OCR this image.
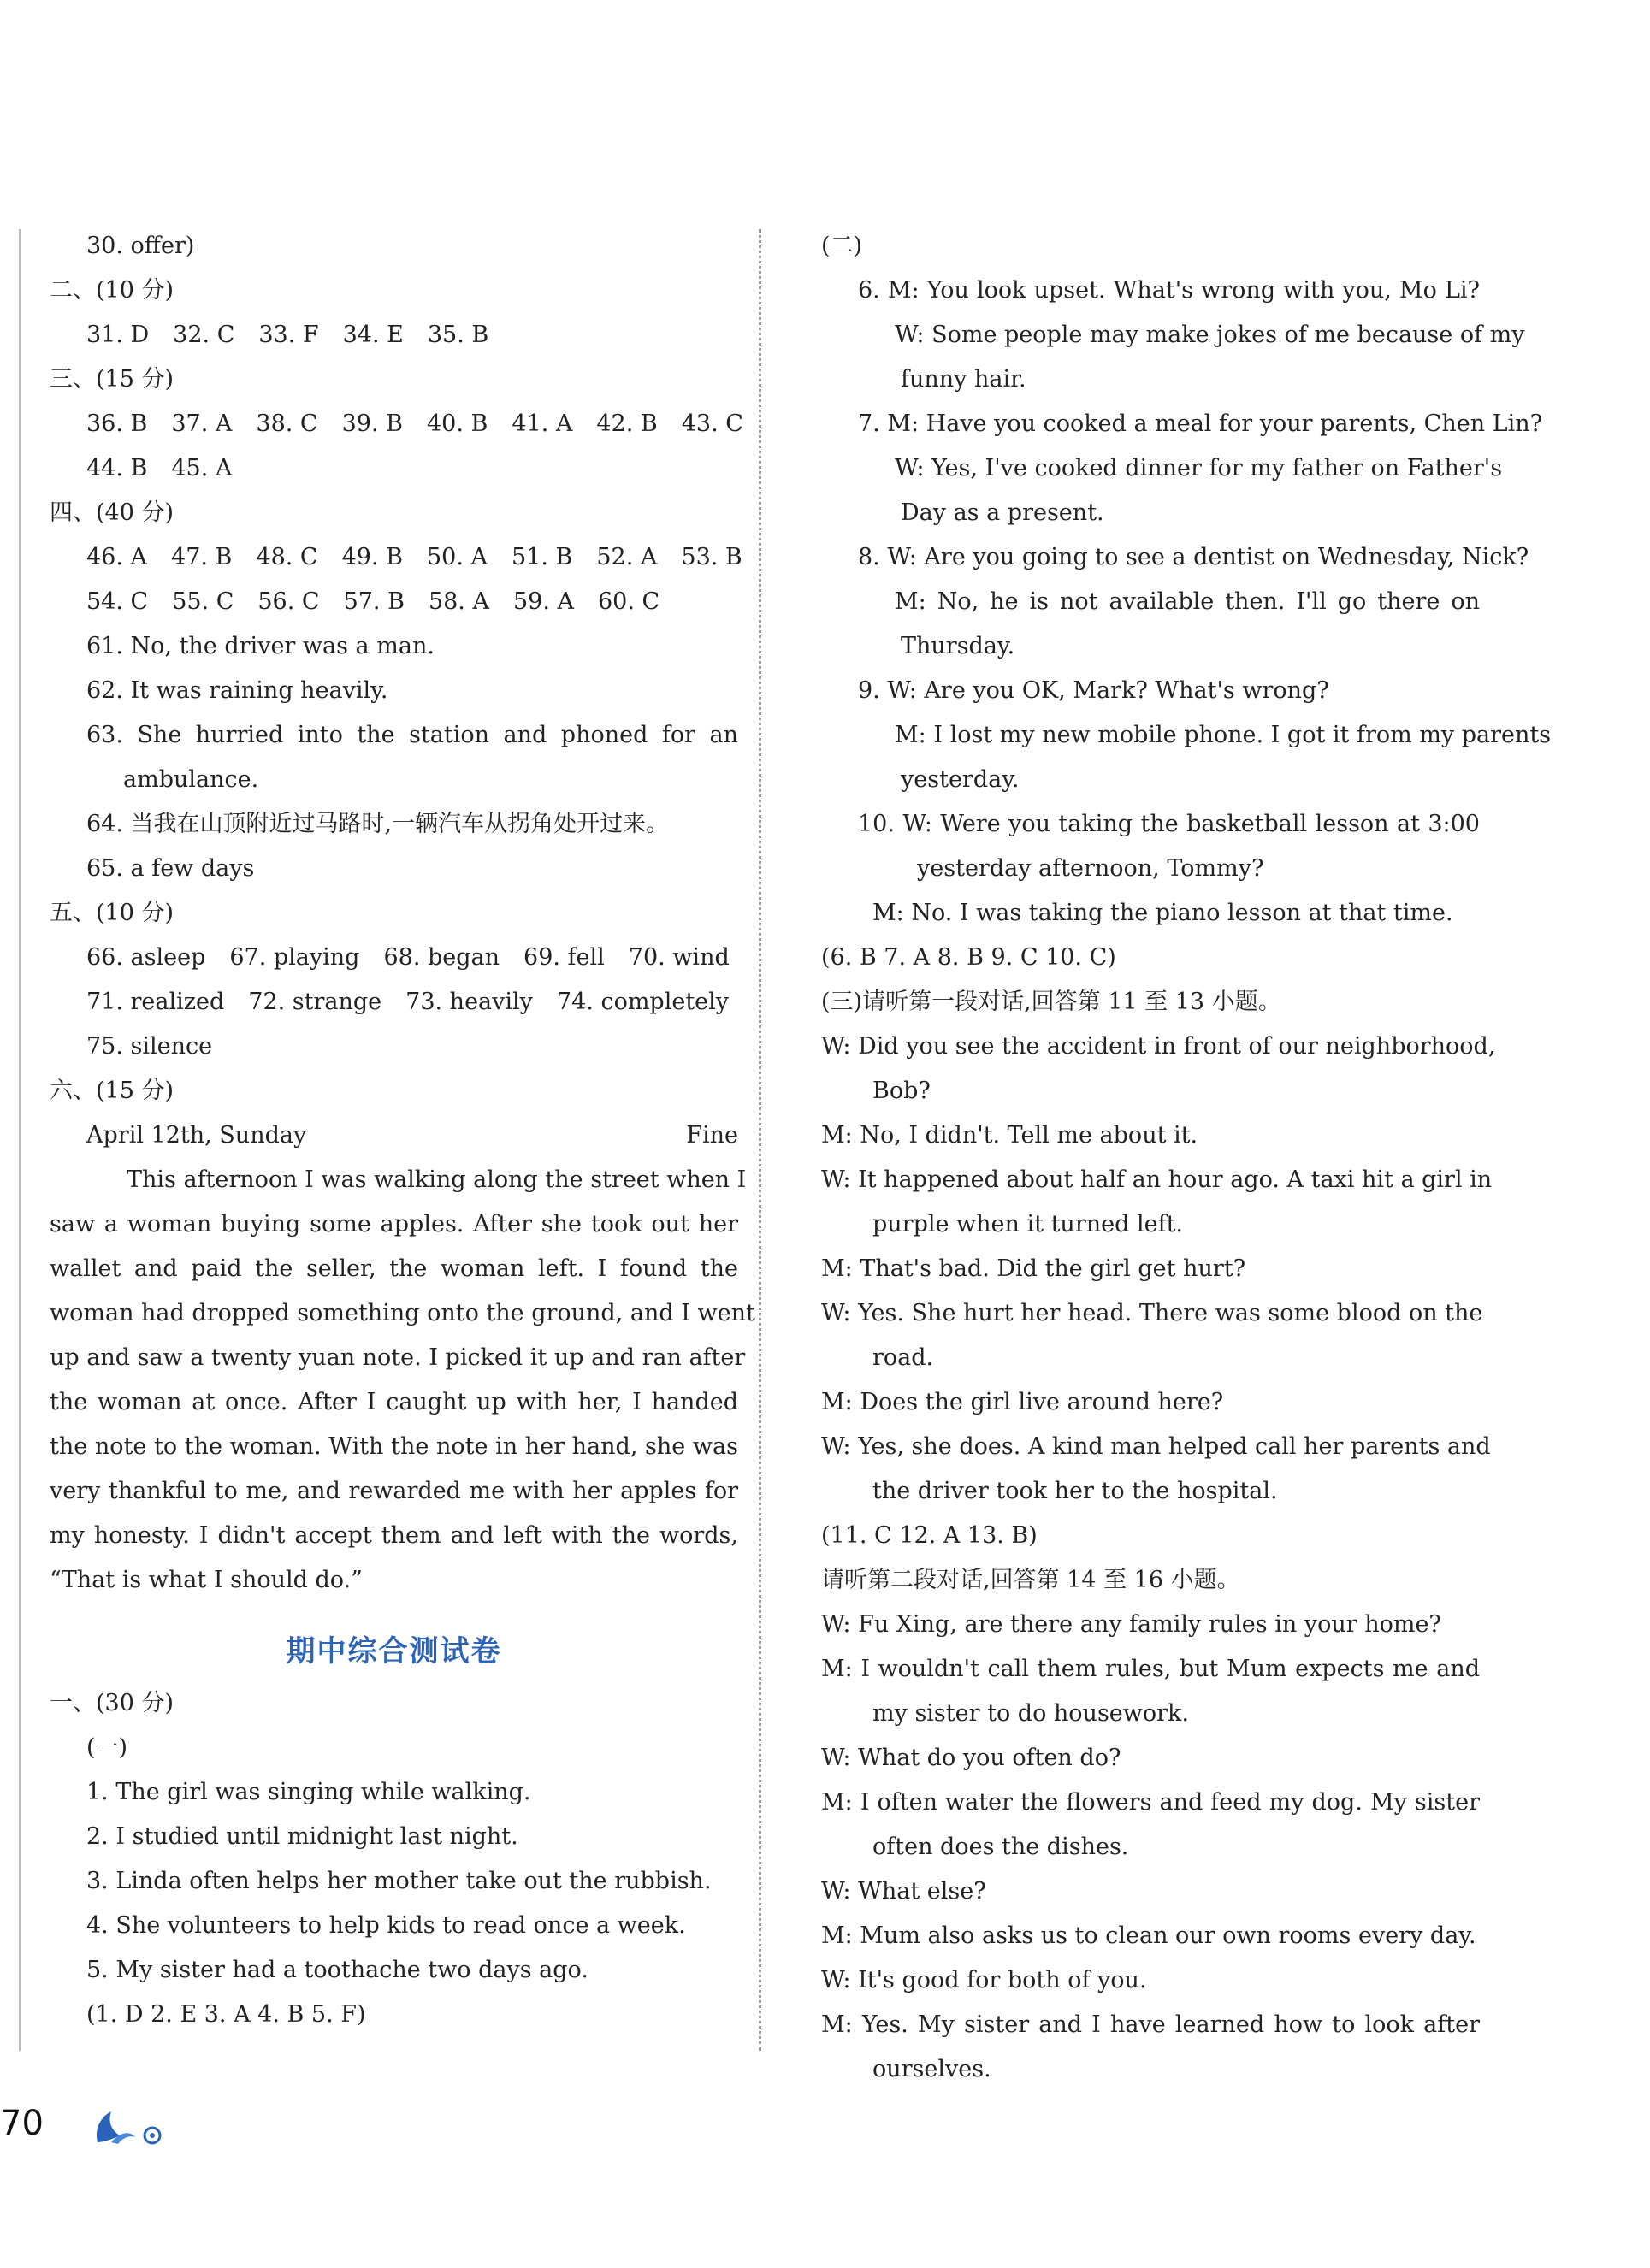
30. offer)
二、(10 分)
31. D 32. C 33. F 34. E 35. B
三、(15 分)
36. B 37. A 38. C 39. B 40. B 41. A 42. B 43. C
44. B 45. A
四、(40 分)
46. A 47. B 48. C 49. B 50. A 51. B 52. A 53. B
54. C 55. C 56. C 57. B 58. A 59. A 60. C
61. No, the driver was a man.
62. It was raining heavily.
63. She hurried into the station and phoned for an
ambulance.
64. 当我在山顶附近过马路时,一辆汽车从拐角处开过来。
65. a few days
五、(10 分)
66. asleep 67. playing 68. began 69. fell 70. wind
71. realized 72. strange 73. heavily 74. completely
75. silence
六、(15 分)
April 12th, Sunday	Fine
This afternoon I was walking along the street when I
saw a woman buying some apples. After she took out her
wallet and paid the seller, the woman left. I found the
woman had dropped something onto the ground, and I went
up and saw a twenty yuan note. I picked it up and ran after
the woman at once. After I caught up with her, I handed
the note to the woman. With the note in her hand, she was
very thankful to me, and rewarded me with her apples for
my honesty. I didn't accept them and left with the words,
“That is what I should do.”
期中综合测试卷
一、(30 分)
(一)
1. The girl was singing while walking.
2. I studied until midnight last night.
3. Linda often helps her mother take out the rubbish.
4. She volunteers to help kids to read once a week.
5. My sister had a toothache two days ago.
(1. D 2. E 3. A 4. B 5. F)
(二)
6. M: You look upset. What's wrong with you, Mo Li?
W: Some people may make jokes of me because of my
funny hair.
7. M: Have you cooked a meal for your parents, Chen Lin?
W: Yes, I've cooked dinner for my father on Father's
Day as a present.
8. W: Are you going to see a dentist on Wednesday, Nick?
M: No, he is not available then. I'll go there on
Thursday.
9. W: Are you OK, Mark? What's wrong?
M: I lost my new mobile phone. I got it from my parents
yesterday.
10. W: Were you taking the basketball lesson at 3:00
yesterday afternoon, Tommy?
M: No. I was taking the piano lesson at that time.
(6. B 7. A 8. B 9. C 10. C)
(三)请听第一段对话,回答第 11 至 13 小题。
W: Did you see the accident in front of our neighborhood,
Bob?
M: No, I didn't. Tell me about it.
W: It happened about half an hour ago. A taxi hit a girl in
purple when it turned left.
M: That's bad. Did the girl get hurt?
W: Yes. She hurt her head. There was some blood on the
road.
M: Does the girl live around here?
W: Yes, she does. A kind man helped call her parents and
the driver took her to the hospital.
(11. C 12. A 13. B)
请听第二段对话,回答第 14 至 16 小题。
W: Fu Xing, are there any family rules in your home?
M: I wouldn't call them rules, but Mum expects me and
my sister to do housework.
W: What do you often do?
M: I often water the flowers and feed my dog. My sister
often does the dishes.
W: What else?
M: Mum also asks us to clean our own rooms every day.
W: It's good for both of you.
M: Yes. My sister and I have learned how to look after
ourselves.
70
